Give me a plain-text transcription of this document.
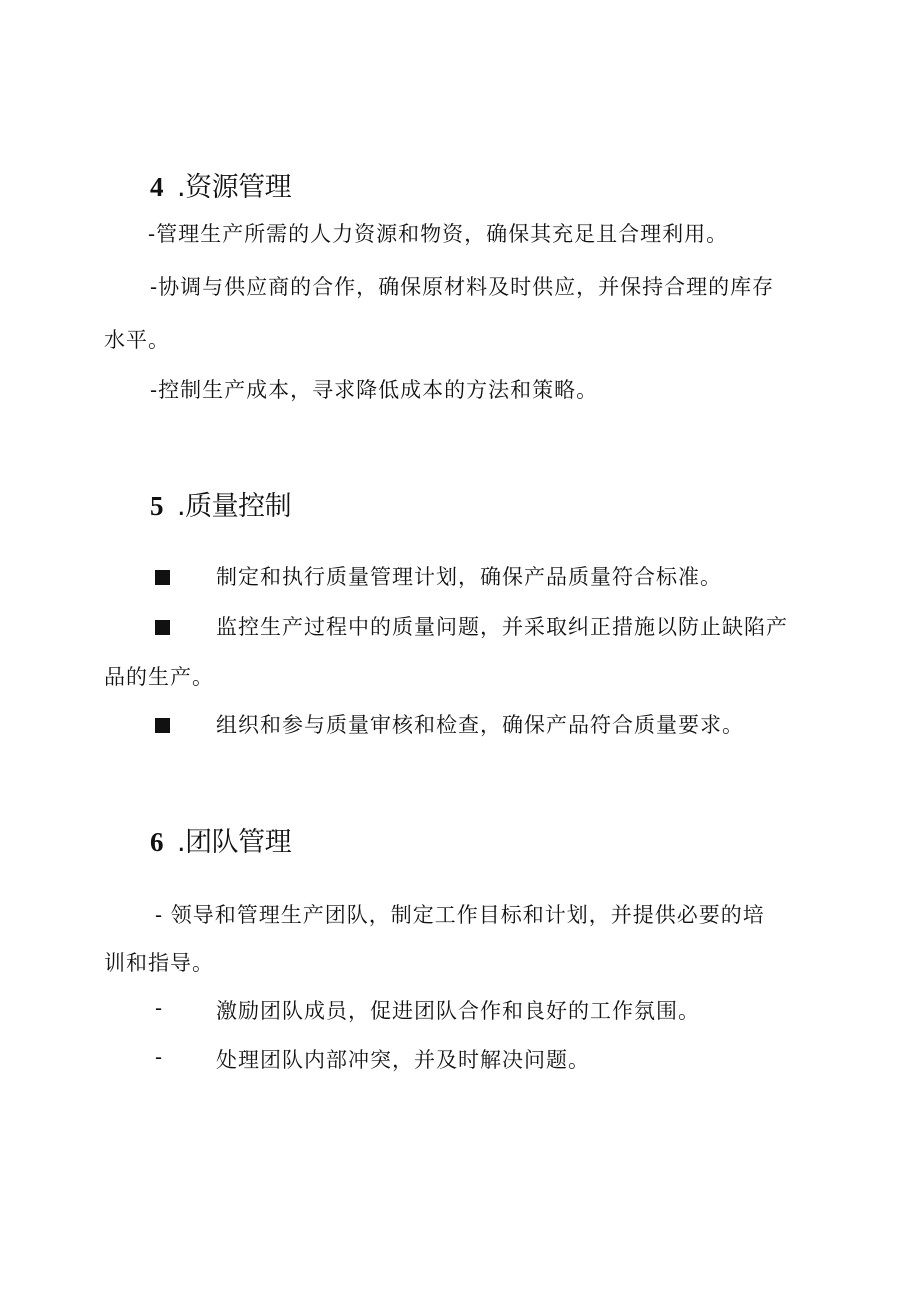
4 .资源管理
-管理生产所需的人力资源和物资，确保其充足且合理利用。
-协调与供应商的合作，确保原材料及时供应，并保持合理的库存
水平。
-控制生产成本，寻求降低成本的方法和策略。
5 .质量控制
制定和执行质量管理计划，确保产品质量符合标准。
监控生产过程中的质量问题，并采取纠正措施以防止缺陷产
品的生产。
组织和参与质量审核和检查，确保产品符合质量要求。
6 .团队管理
- 领导和管理生产团队，制定工作目标和计划，并提供必要的培
训和指导。
-	激励团队成员，促进团队合作和良好的工作氛围。
-	处理团队内部冲突，并及时解决问题。
